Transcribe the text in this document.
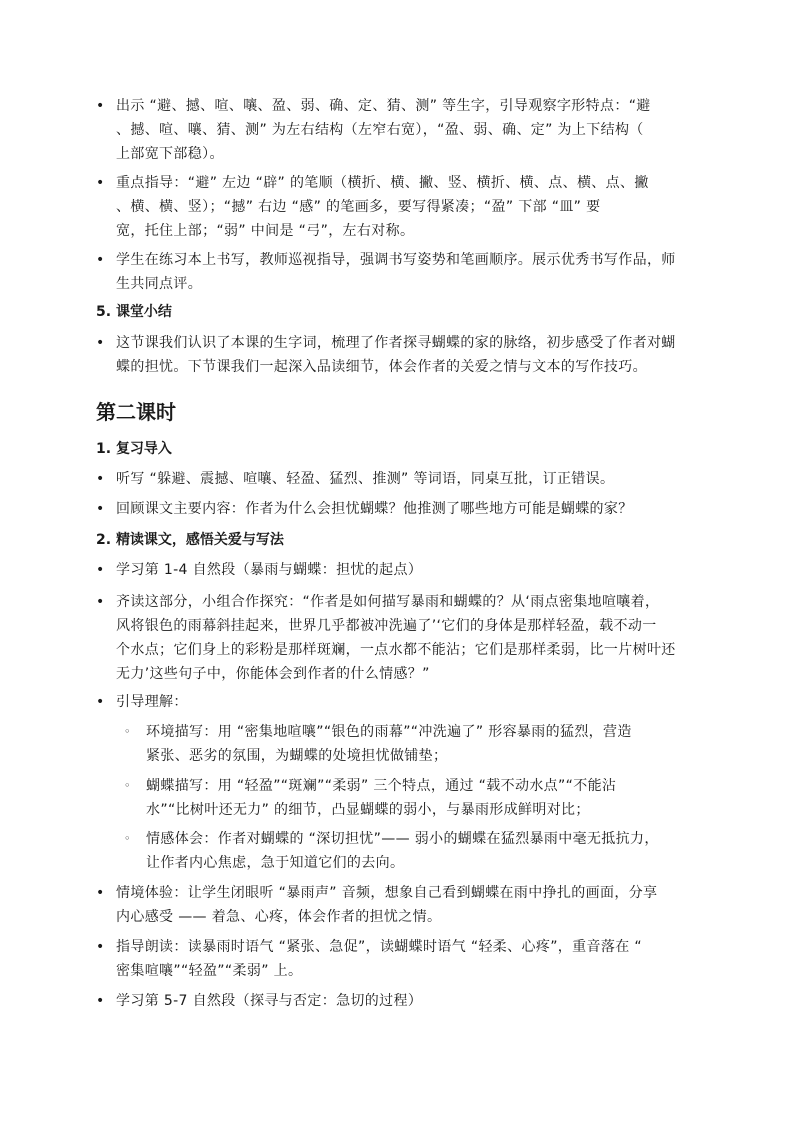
• 出示 “避、撼、喧、嚷、盈、弱、确、定、猜、测” 等生字，引导观察字形特点：“避
、撼、喧、嚷、猜、测” 为左右结构（左窄右宽），“盈、弱、确、定” 为上下结构（
上部宽下部稳）。
• 重点指导：“避” 左边 “辟” 的笔顺（横折、横、撇、竖、横折、横、点、横、点、撇
、横、横、竖）；“撼” 右边 “感” 的笔画多，要写得紧凑；“盈” 下部 “皿” 要
宽，托住上部；“弱” 中间是 “弓”，左右对称。
• 学生在练习本上书写，教师巡视指导，强调书写姿势和笔画顺序。展示优秀书写作品，师
生共同点评。
5. 课堂小结
• 这节课我们认识了本课的生字词，梳理了作者探寻蝴蝶的家的脉络，初步感受了作者对蝴
蝶的担忧。下节课我们一起深入品读细节，体会作者的关爱之情与文本的写作技巧。
第二课时
1. 复习导入
• 听写 “躲避、震撼、喧嚷、轻盈、猛烈、推测” 等词语，同桌互批，订正错误。
• 回顾课文主要内容：作者为什么会担忧蝴蝶？他推测了哪些地方可能是蝴蝶的家？
2. 精读课文，感悟关爱与写法
• 学习第 1-4 自然段（暴雨与蝴蝶：担忧的起点）
• 齐读这部分，小组合作探究：“作者是如何描写暴雨和蝴蝶的？从‘雨点密集地喧嚷着，
风将银色的雨幕斜挂起来，世界几乎都被冲洗遍了’‘它们的身体是那样轻盈，载不动一
个水点；它们身上的彩粉是那样斑斓，一点水都不能沾；它们是那样柔弱，比一片树叶还
无力’这些句子中，你能体会到作者的什么情感？”
• 引导理解：
◦ 环境描写：用 “密集地喧嚷”“银色的雨幕”“冲洗遍了” 形容暴雨的猛烈，营造
紧张、恶劣的氛围，为蝴蝶的处境担忧做铺垫；
◦ 蝴蝶描写：用 “轻盈”“斑斓”“柔弱” 三个特点，通过 “载不动水点”“不能沾
水”“比树叶还无力” 的细节，凸显蝴蝶的弱小，与暴雨形成鲜明对比；
◦ 情感体会：作者对蝴蝶的 “深切担忧”—— 弱小的蝴蝶在猛烈暴雨中毫无抵抗力，
让作者内心焦虑，急于知道它们的去向。
• 情境体验：让学生闭眼听 “暴雨声” 音频，想象自己看到蝴蝶在雨中挣扎的画面，分享
内心感受 —— 着急、心疼，体会作者的担忧之情。
• 指导朗读：读暴雨时语气 “紧张、急促”，读蝴蝶时语气 “轻柔、心疼”，重音落在 “
密集喧嚷”“轻盈”“柔弱” 上。
• 学习第 5-7 自然段（探寻与否定：急切的过程）
